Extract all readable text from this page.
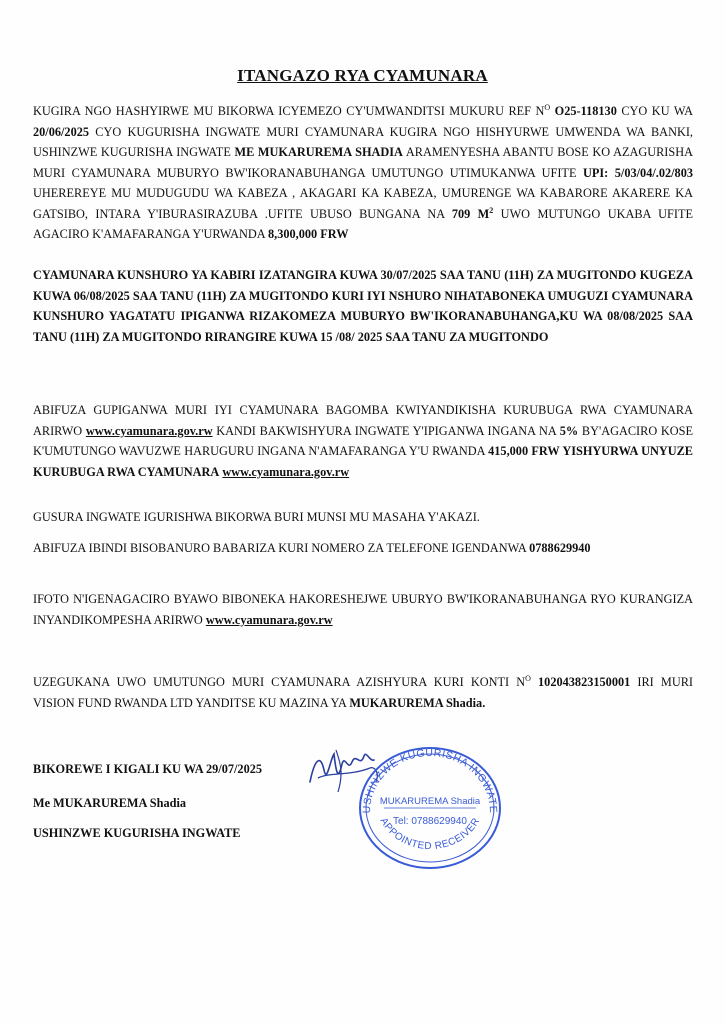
ITANGAZO RYA CYAMUNARA
KUGIRA NGO HASHYIRWE MU BIKORWA ICYEMEZO CY'UMWANDITSI MUKURU REF $N^O$ O25-118130 CYO KU WA 20/06/2025 CYO KUGURISHA INGWATE MURI CYAMUNARA KUGIRA NGO HISHYURWE UMWENDA WA BANKI, USHINZWE KUGURISHA INGWATE ME MUKARUREMA SHADIA ARAMENYESHA ABANTU BOSE KO AZAGURISHA MURI CYAMUNARA MUBURYO BW'IKORANABUHANGA UMUTUNGO UTIMUKANWA UFITE UPI: 5/03/04/.02/803 UHEREREYE MU MUDUGUDU WA KABEZA , AKAGARI KA KABEZA, UMURENGE WA KABARORE AKARERE KA GATSIBO, INTARA Y'IBURASIRAZUBA .UFITE UBUSO BUNGANA NA 709 $M^2$ UWO MUTUNGO UKABA UFITE AGACIRO K'AMAFARANGA Y'URWANDA 8,300,000 FRW
CYAMUNARA KUNSHURO YA KABIRI IZATANGIRA KUWA 30/07/2025 SAA TANU (11H) ZA MUGITONDO KUGEZA KUWA 06/08/2025 SAA TANU (11H) ZA MUGITONDO KURI IYI NSHURO NIHATABONEKA UMUGUZI CYAMUNARA KUNSHURO YAGATATU IPIGANWA RIZAKOMEZA MUBURYO BW'IKORANABUHANGA,KU WA 08/08/2025 SAA TANU (11H) ZA MUGITONDO RIRANGIRE KUWA 15 /08/ 2025 SAA TANU ZA MUGITONDO
ABIFUZA GUPIGANWA MURI IYI CYAMUNARA BAGOMBA KWIYANDIKISHA KURUBUGA RWA CYAMUNARA ARIRWO www.cyamunara.gov.rw KANDI BAKWISHYURA INGWATE Y'IPIGANWA INGANA NA 5% BY'AGACIRO KOSE K'UMUTUNGO WAVUZWE HARUGURU INGANA N'AMAFARANGA Y'U RWANDA 415,000 FRW YISHYURWA UNYUZE KURUBUGA RWA CYAMUNARA www.cyamunara.gov.rw
GUSURA INGWATE IGURISHWA BIKORWA BURI MUNSI MU MASAHA Y'AKAZI.
ABIFUZA IBINDI BISOBANURO BABARIZA KURI NOMERO ZA TELEFONE IGENDANWA 0788629940
IFOTO N'IGENAGACIRO BYAWO BIBONEKA HAKORESHEJWE UBURYO BW'IKORANABUHANGA RYO KURANGIZA INYANDIKOMPESHA ARIRWO www.cyamunara.gov.rw
UZEGUKANA UWO UMUTUNGO MURI CYAMUNARA AZISHYURA KURI KONTI $N^O$ 102043823150001 IRI MURI VISION FUND RWANDA LTD YANDITSE KU MAZINA YA MUKARUREMA Shadia.
BIKOREWE I KIGALI KU WA 29/07/2025
Me MUKARUREMA Shadia
USHINZWE KUGURISHA INGWATE
USHINZWE KUGURISHA INGWATE
MUKARUREMA Shadia
Tel: 0788629940
APPOINTED RECEIVER
